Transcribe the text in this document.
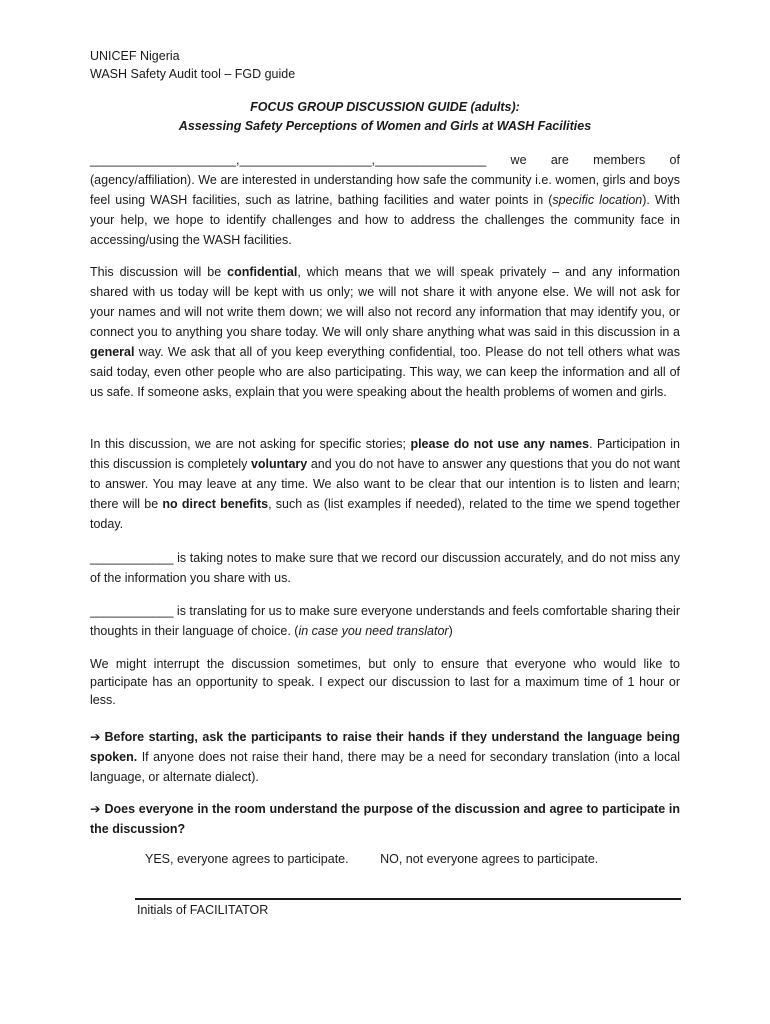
UNICEF Nigeria
WASH Safety Audit tool – FGD guide
FOCUS GROUP DISCUSSION GUIDE (adults):
Assessing Safety Perceptions of Women and Girls at WASH Facilities
_____________________,___________________,________________ we are members of
(agency/affiliation). We are interested in understanding how safe the community i.e. women, girls and boys feel using WASH facilities, such as latrine, bathing facilities and water points in (specific location). With your help, we hope to identify challenges and how to address the challenges the community face in accessing/using the WASH facilities.

This discussion will be confidential, which means that we will speak privately – and any information shared with us today will be kept with us only; we will not share it with anyone else. We will not ask for your names and will not write them down; we will also not record any information that may identify you, or connect you to anything you share today. We will only share anything what was said in this discussion in a general way. We ask that all of you keep everything confidential, too. Please do not tell others what was said today, even other people who are also participating. This way, we can keep the information and all of us safe. If someone asks, explain that you were speaking about the health problems of women and girls.

In this discussion, we are not asking for specific stories; please do not use any names. Participation in this discussion is completely voluntary and you do not have to answer any questions that you do not want to answer. You may leave at any time. We also want to be clear that our intention is to listen and learn; there will be no direct benefits, such as (list examples if needed), related to the time we spend together today.

____________ is taking notes to make sure that we record our discussion accurately, and do not miss any of the information you share with us.

____________ is translating for us to make sure everyone understands and feels comfortable sharing their thoughts in their language of choice. (in case you need translator)

We might interrupt the discussion sometimes, but only to ensure that everyone who would like to participate has an opportunity to speak. I expect our discussion to last for a maximum time of 1 hour or less.

➔ Before starting, ask the participants to raise their hands if they understand the language being spoken. If anyone does not raise their hand, there may be a need for secondary translation (into a local language, or alternate dialect).

➔ Does everyone in the room understand the purpose of the discussion and agree to participate in the discussion?

YES, everyone agrees to participate.	NO, not everyone agrees to participate.
Initials of FACILITATOR
